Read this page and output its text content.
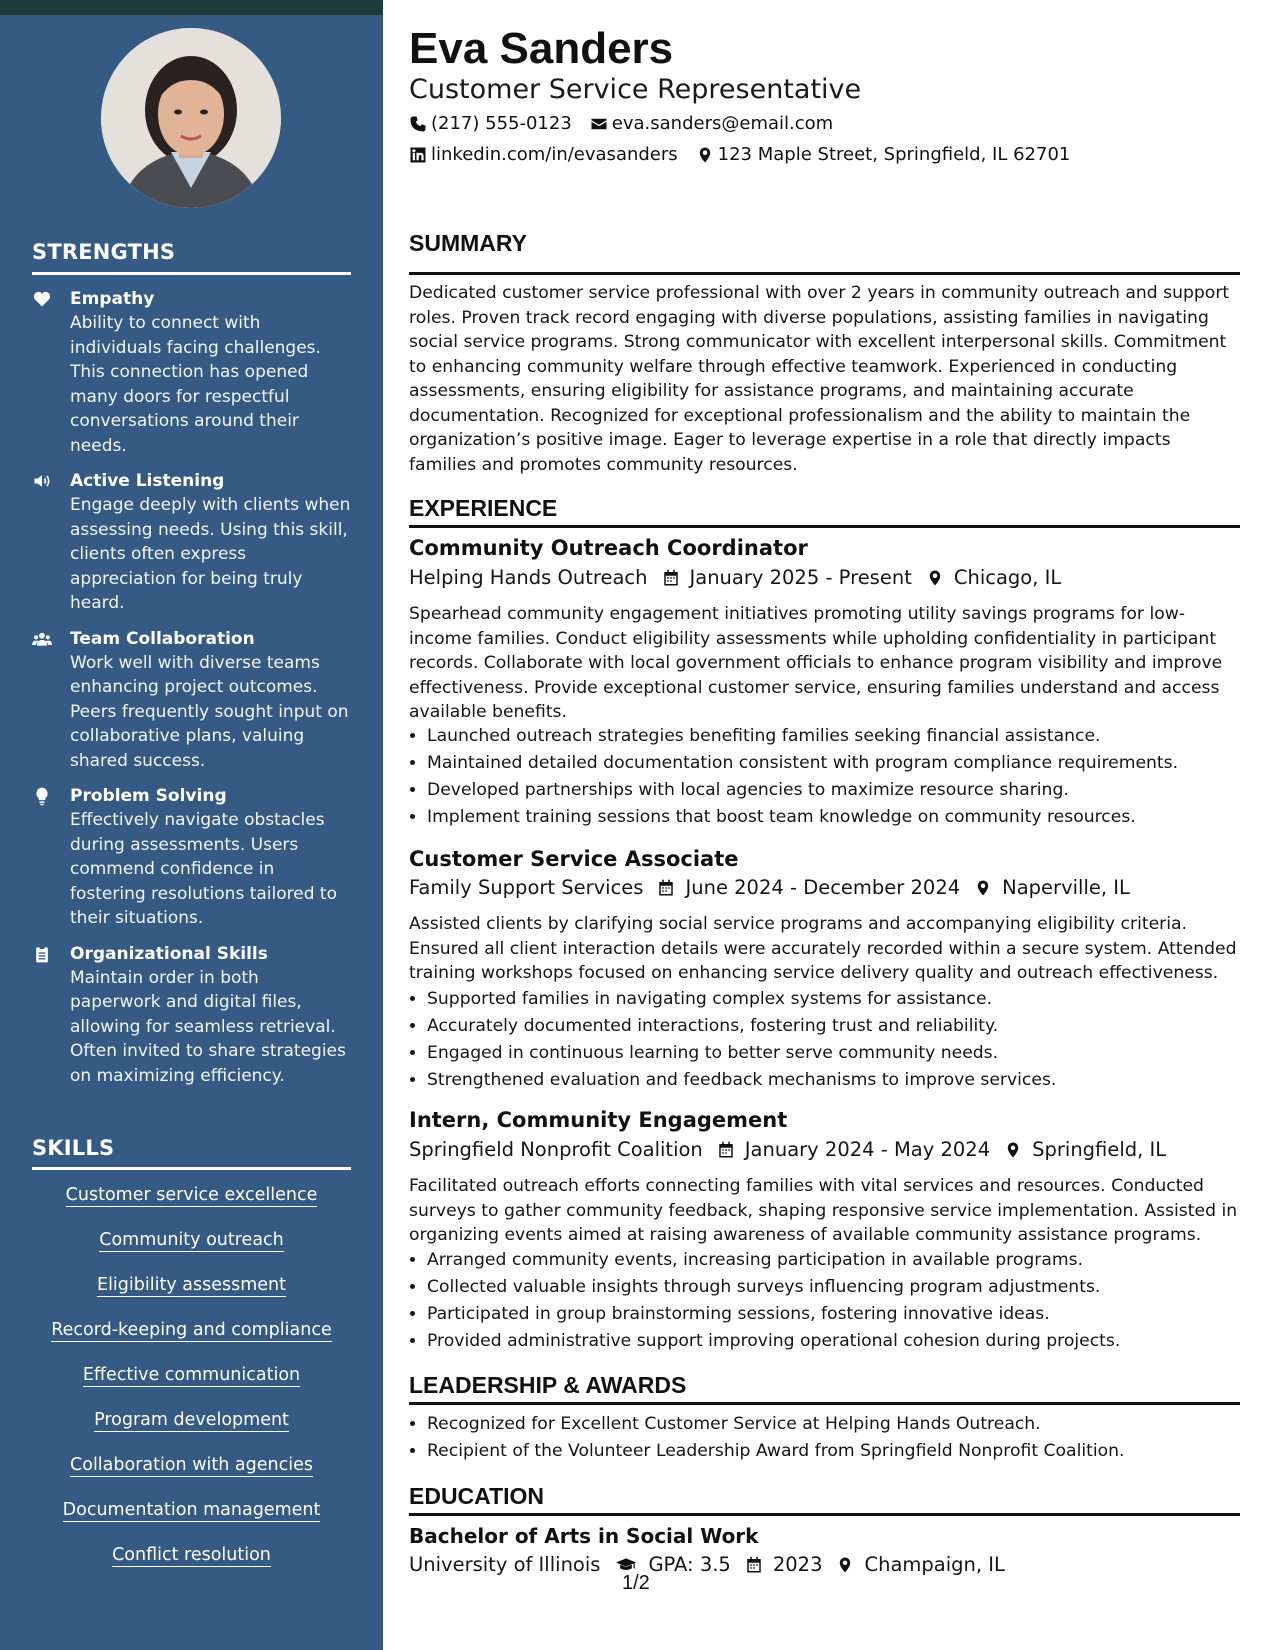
STRENGTHS
Empathy
Ability to connect with individuals facing challenges. This connection has opened many doors for respectful conversations around their needs.
Active Listening
Engage deeply with clients when assessing needs. Using this skill, clients often express appreciation for being truly heard.
Team Collaboration
Work well with diverse teams enhancing project outcomes. Peers frequently sought input on collaborative plans, valuing shared success.
Problem Solving
Effectively navigate obstacles during assessments. Users commend confidence in fostering resolutions tailored to their situations.
Organizational Skills
Maintain order in both paperwork and digital files, allowing for seamless retrieval. Often invited to share strategies on maximizing efficiency.
SKILLS
Customer service excellence
Community outreach
Eligibility assessment
Record-keeping and compliance
Effective communication
Program development
Collaboration with agencies
Documentation management
Conflict resolution
Eva Sanders
Customer Service Representative
(217) 555-0123 eva.sanders@email.com
linkedin.com/in/evasanders 123 Maple Street, Springfield, IL 62701
SUMMARY
Dedicated customer service professional with over 2 years in community outreach and support roles. Proven track record engaging with diverse populations, assisting families in navigating social service programs. Strong communicator with excellent interpersonal skills. Commitment to enhancing community welfare through effective teamwork. Experienced in conducting assessments, ensuring eligibility for assistance programs, and maintaining accurate documentation. Recognized for exceptional professionalism and the ability to maintain the organization’s positive image. Eager to leverage expertise in a role that directly impacts families and promotes community resources.
EXPERIENCE
Community Outreach Coordinator
Helping Hands Outreach January 2025 - Present Chicago, IL
Spearhead community engagement initiatives promoting utility savings programs for low-income families. Conduct eligibility assessments while upholding confidentiality in participant records. Collaborate with local government officials to enhance program visibility and improve effectiveness. Provide exceptional customer service, ensuring families understand and access available benefits.
• Launched outreach strategies benefiting families seeking financial assistance.
• Maintained detailed documentation consistent with program compliance requirements.
• Developed partnerships with local agencies to maximize resource sharing.
• Implement training sessions that boost team knowledge on community resources.
Customer Service Associate
Family Support Services June 2024 - December 2024 Naperville, IL
Assisted clients by clarifying social service programs and accompanying eligibility criteria. Ensured all client interaction details were accurately recorded within a secure system. Attended training workshops focused on enhancing service delivery quality and outreach effectiveness.
• Supported families in navigating complex systems for assistance.
• Accurately documented interactions, fostering trust and reliability.
• Engaged in continuous learning to better serve community needs.
• Strengthened evaluation and feedback mechanisms to improve services.
Intern, Community Engagement
Springfield Nonprofit Coalition January 2024 - May 2024 Springfield, IL
Facilitated outreach efforts connecting families with vital services and resources. Conducted surveys to gather community feedback, shaping responsive service implementation. Assisted in organizing events aimed at raising awareness of available community assistance programs.
• Arranged community events, increasing participation in available programs.
• Collected valuable insights through surveys influencing program adjustments.
• Participated in group brainstorming sessions, fostering innovative ideas.
• Provided administrative support improving operational cohesion during projects.
LEADERSHIP & AWARDS
• Recognized for Excellent Customer Service at Helping Hands Outreach.
• Recipient of the Volunteer Leadership Award from Springfield Nonprofit Coalition.
EDUCATION
Bachelor of Arts in Social Work
University of Illinois GPA: 3.5 2023 Champaign, IL
1/2
